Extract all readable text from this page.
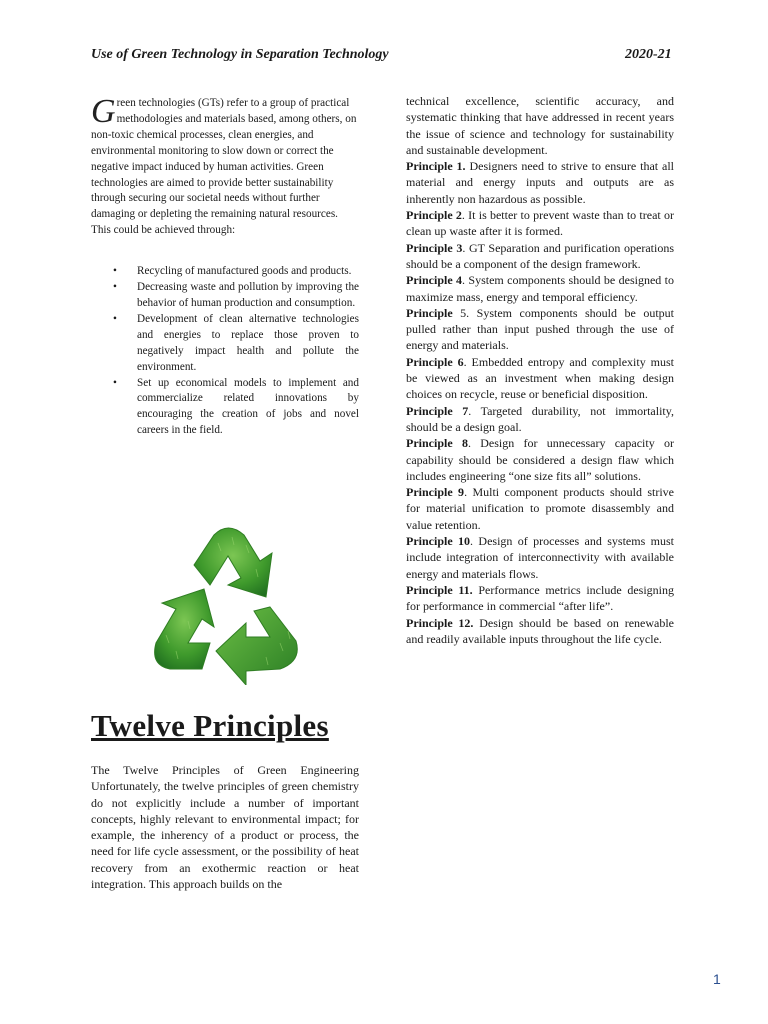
Use of Green Technology in Separation Technology	2020-21

Green technologies (GTs) refer to a group of practical methodologies and materials based, among others, on non-toxic chemical processes, clean energies, and environmental monitoring to slow down or correct the negative impact induced by human activities. Green technologies are aimed to provide better sustainability through securing our societal needs without further damaging or depleting the remaining natural resources. This could be achieved through:

• Recycling of manufactured goods and products.
• Decreasing waste and pollution by improving the behavior of human production and consumption.
• Development of clean alternative technologies and energies to replace those proven to negatively impact health and pollute the environment.
• Set up economical models to implement and commercialize related innovations by encouraging the creation of jobs and novel careers in the field.
Twelve Principles

The Twelve Principles of Green Engineering Unfortunately, the twelve principles of green chemistry do not explicitly include a number of important concepts, highly relevant to environmental impact; for example, the inherency of a product or process, the need for life cycle assessment, or the possibility of heat recovery from an exothermic reaction or heat integration. This approach builds on the

technical excellence, scientific accuracy, and systematic thinking that have addressed in recent years the issue of science and technology for sustainability and sustainable development.

Principle 1. Designers need to strive to ensure that all material and energy inputs and outputs are as inherently non hazardous as possible.

Principle 2. It is better to prevent waste than to treat or clean up waste after it is formed.

Principle 3. GT Separation and purification operations should be a component of the design framework.

Principle 4. System components should be designed to maximize mass, energy and temporal efficiency.

Principle 5. System components should be output pulled rather than input pushed through the use of energy and materials.

Principle 6. Embedded entropy and complexity must be viewed as an investment when making design choices on recycle, reuse or beneficial disposition.

Principle 7. Targeted durability, not immortality, should be a design goal.

Principle 8. Design for unnecessary capacity or capability should be considered a design flaw which includes engineering “one size fits all” solutions.

Principle 9. Multi component products should strive for material unification to promote disassembly and value retention.

Principle 10. Design of processes and systems must include integration of interconnectivity with available energy and materials flows.

Principle 11. Performance metrics include designing for performance in commercial “after life”.

Principle 12. Design should be based on renewable and readily available inputs throughout the life cycle.

1
